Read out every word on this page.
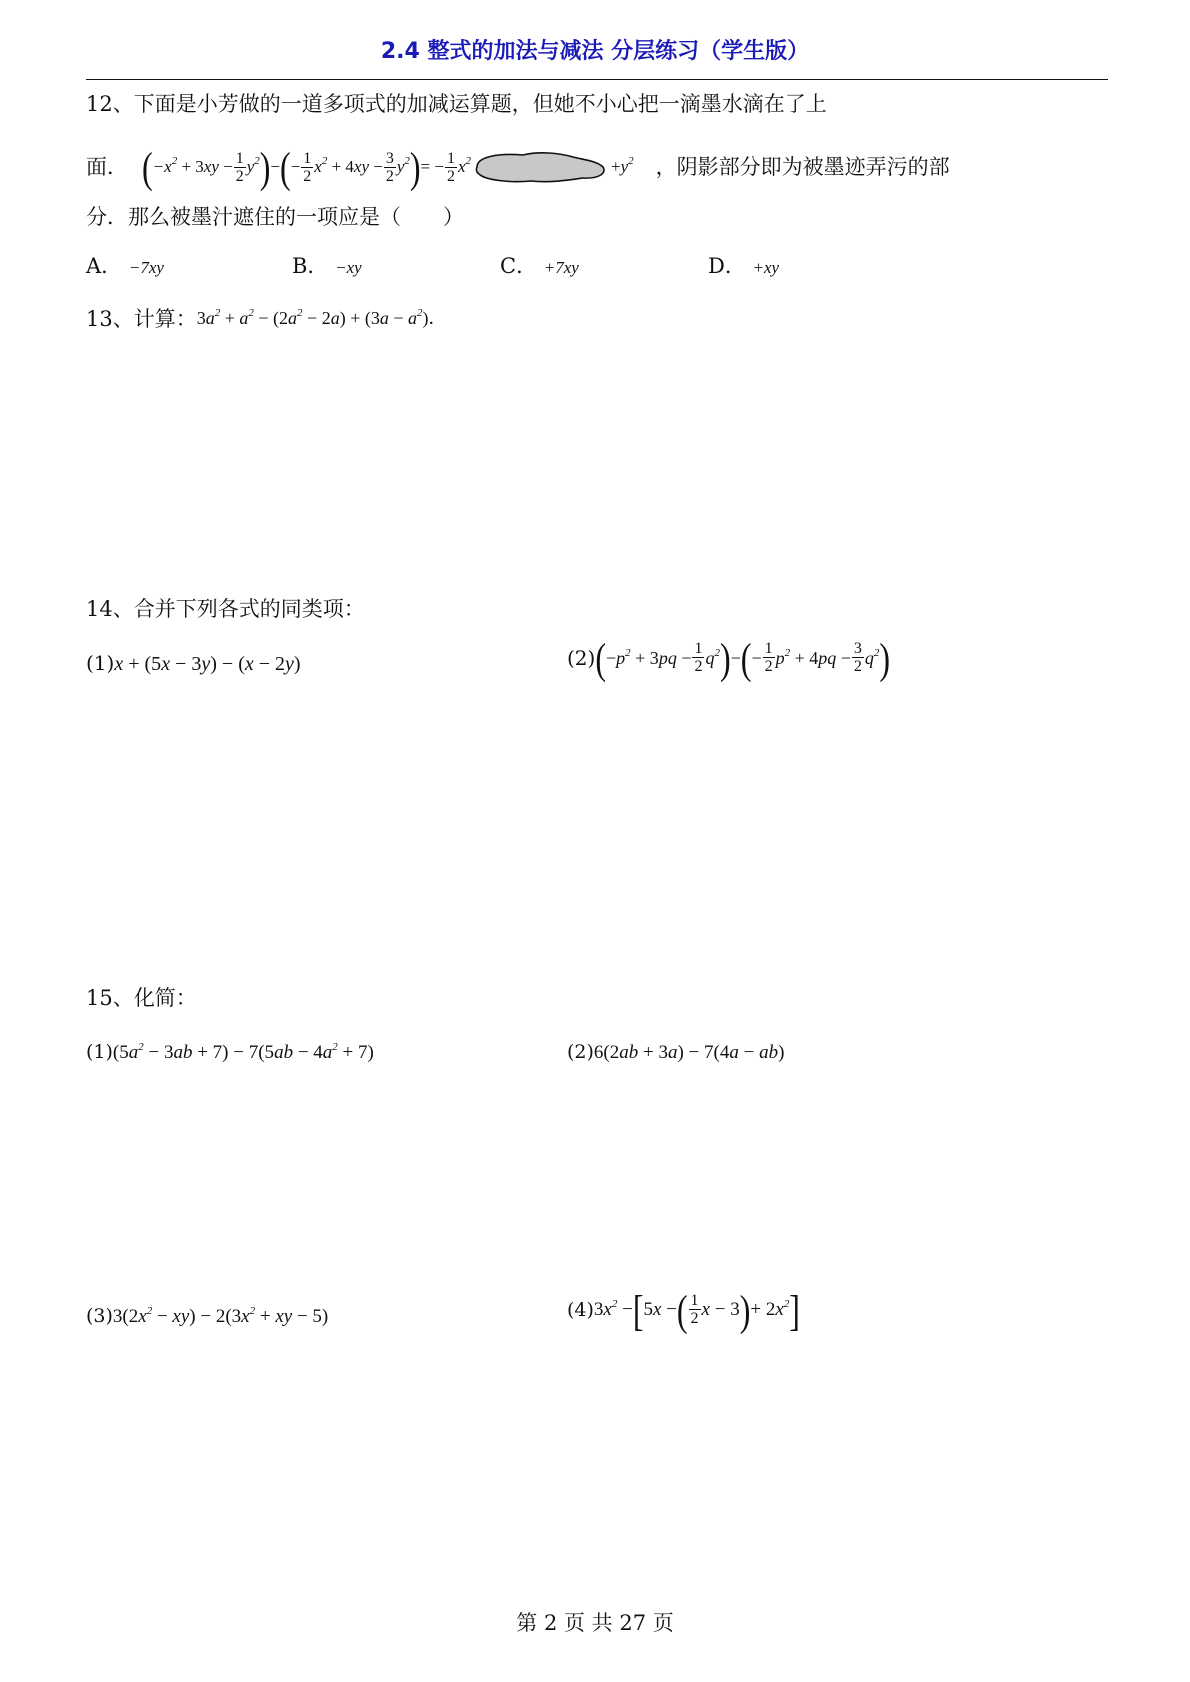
2.4 整式的加法与减法 分层练习（学生版）
12、下面是小芳做的一道多项式的加减运算题，但她不小心把一滴墨水滴在了上
面． ( $-x^2 + 3$ xy − $\frac{1}{2} y^2$ ) − ( − $\frac{1}{2} x^2 + 4$ xy − $\frac{3}{2} y^2$ ) = − $\frac{1}{2} x^2$	+ $y^2$ ，阴影部分即为被墨迹弄污的部
分．那么被墨汁遮住的一项应是（　　）
A． −7xy	B． −xy	C． +7xy	D． +xy
13、计算： $3a^2 + a^2 - (2a^2 - 2a) + (3a - a^2)$．
14、合并下列各式的同类项：
(1)x + (5x − 3y) − (x − 2y)	(2) ( − $p^2 + 3$ pq − $\frac{1}{2} q^2$ ) − ( − $\frac{1}{2} p^2 + 4$ pq − $\frac{3}{2} q^2$ )
15、化简：
$(1)(5a^2 - 3ab + 7) - 7(5ab - 4a^2 + 7)$	(2)6(2ab + 3a) − 7(4a − ab)
$(3)3(2x^2 - xy) - 2(3x^2$ + xy − 5)	(4) 3 $x^2$ − [ 5 x − ( $\frac{1}{2}$ x − 3 ) + 2 $x^2$ ]
第 2 页 共 27 页
